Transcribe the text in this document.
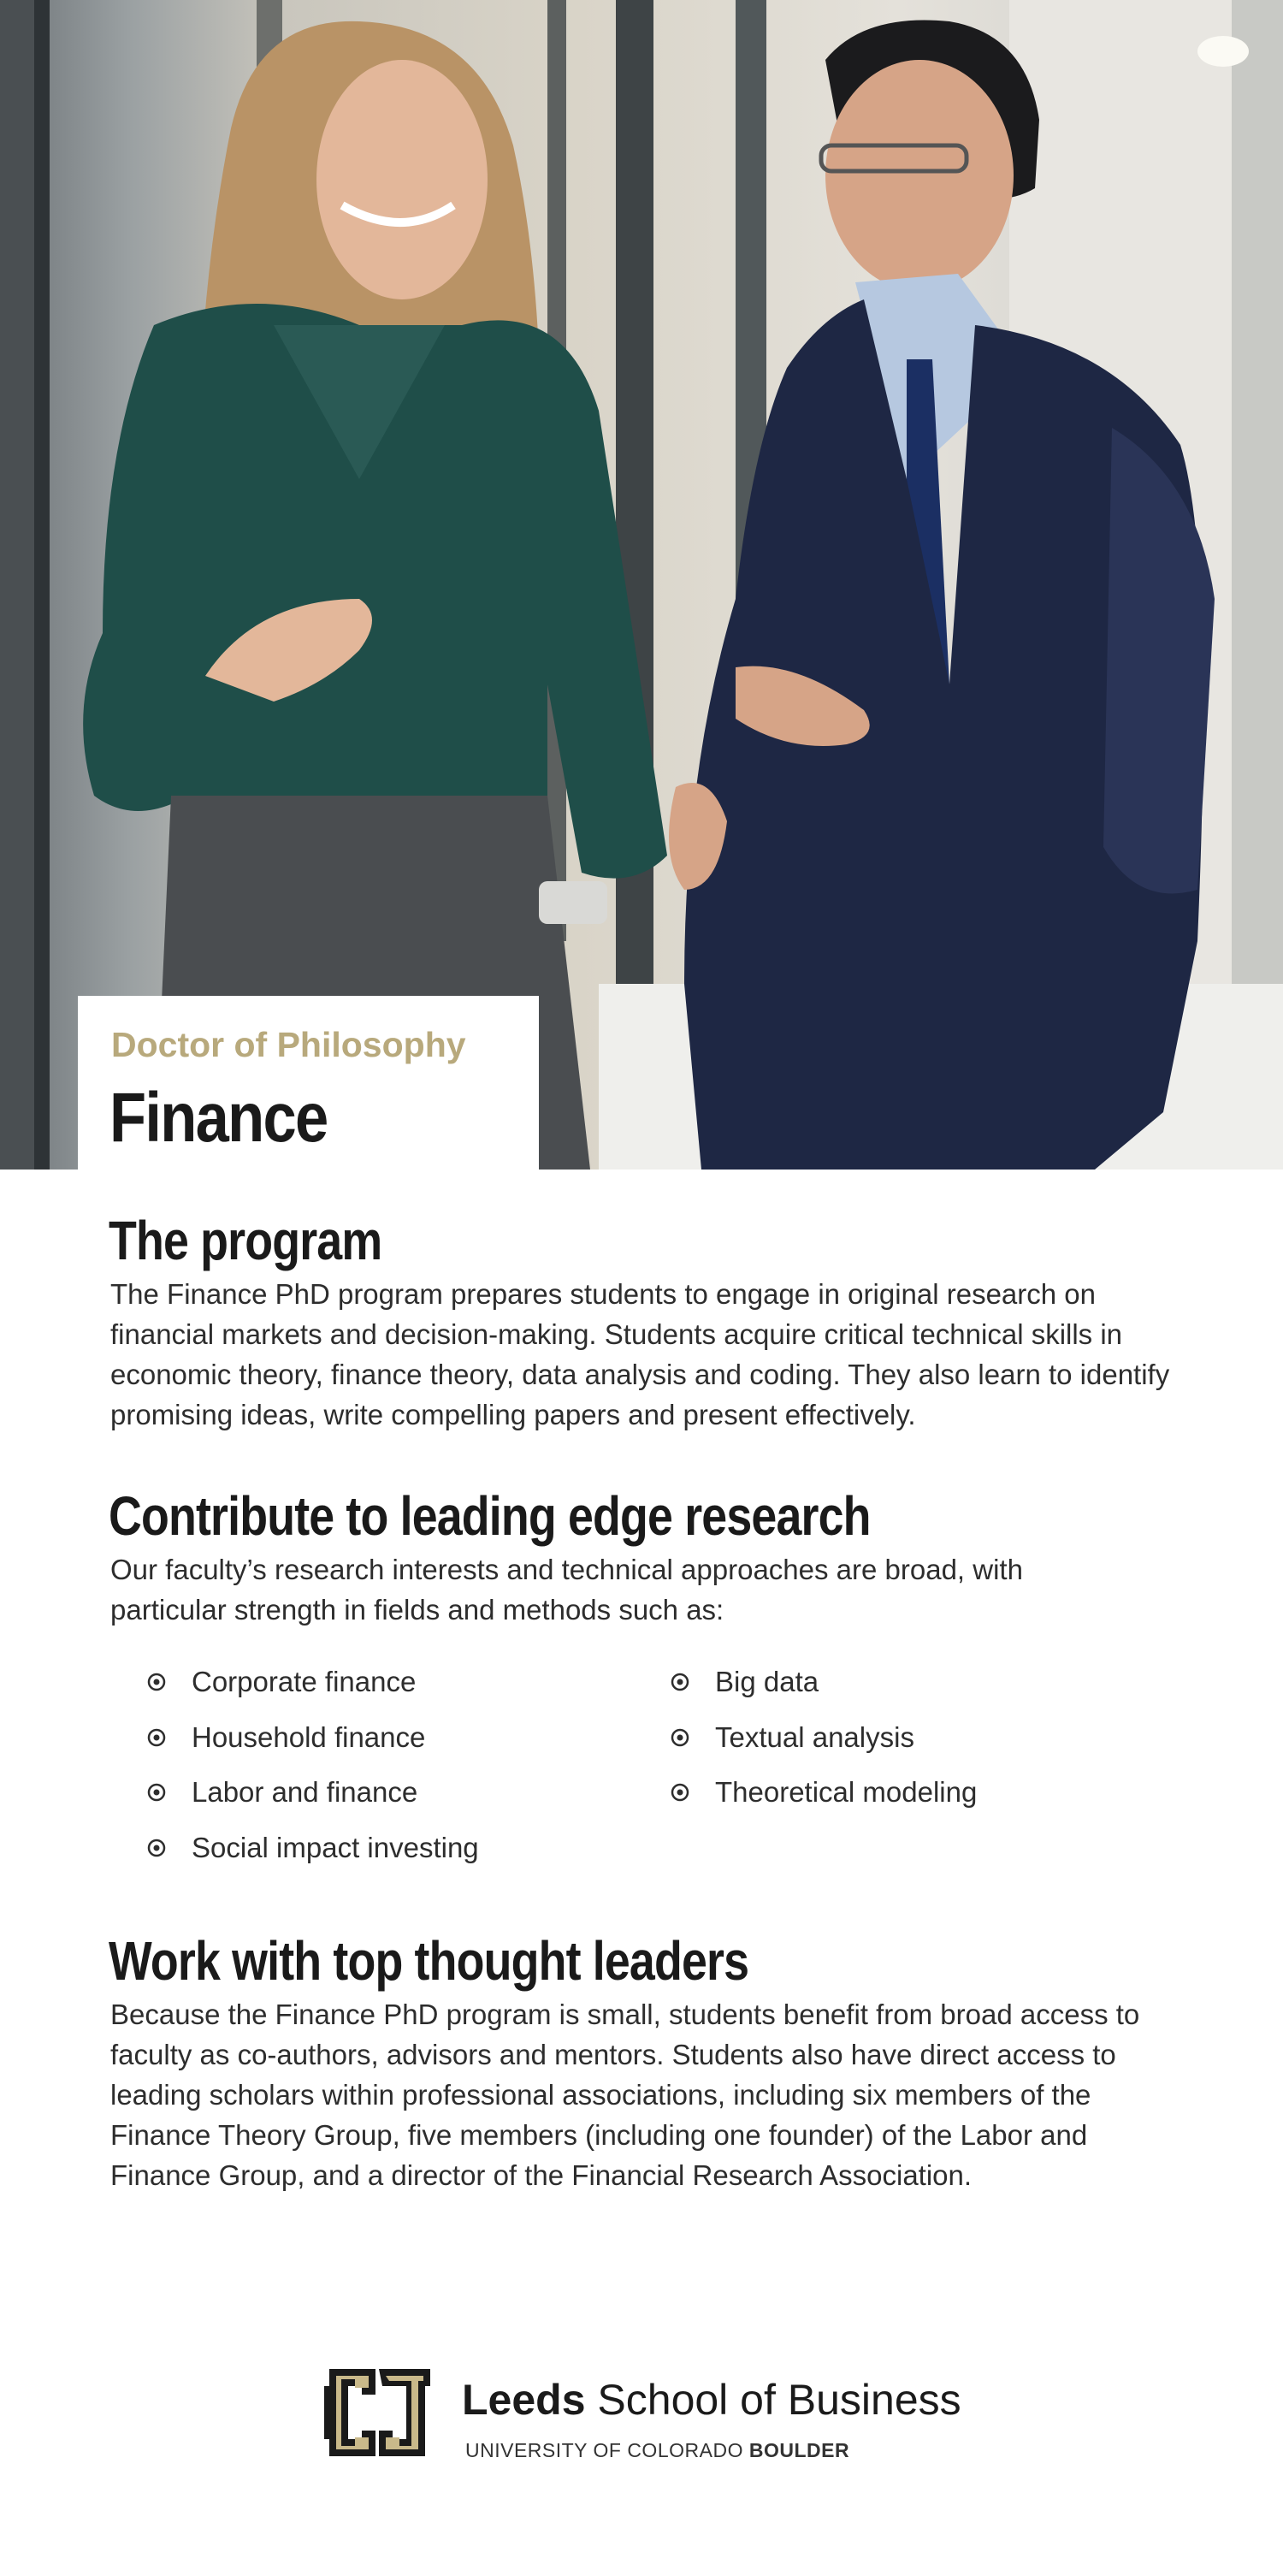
Doctor of Philosophy
Finance
The program

The Finance PhD program prepares students to engage in original research on financial markets and decision-making. Students acquire critical technical skills in economic theory, finance theory, data analysis and coding. They also learn to identify promising ideas, write compelling papers and present effectively.

Contribute to leading edge research

Our faculty’s research interests and technical approaches are broad, with particular strength in fields and methods such as:

Corporate finance
Household finance
Labor and finance
Social impact investing
Big data
Textual analysis
Theoretical modeling
Work with top thought leaders

Because the Finance PhD program is small, students benefit from broad access to faculty as co-authors, advisors and mentors. Students also have direct access to leading scholars within professional associations, including six members of the Finance Theory Group, five members (including one founder) of the Labor and Finance Group, and a director of the Financial Research Association.

Leeds School of Business
UNIVERSITY OF COLORADO BOULDER
